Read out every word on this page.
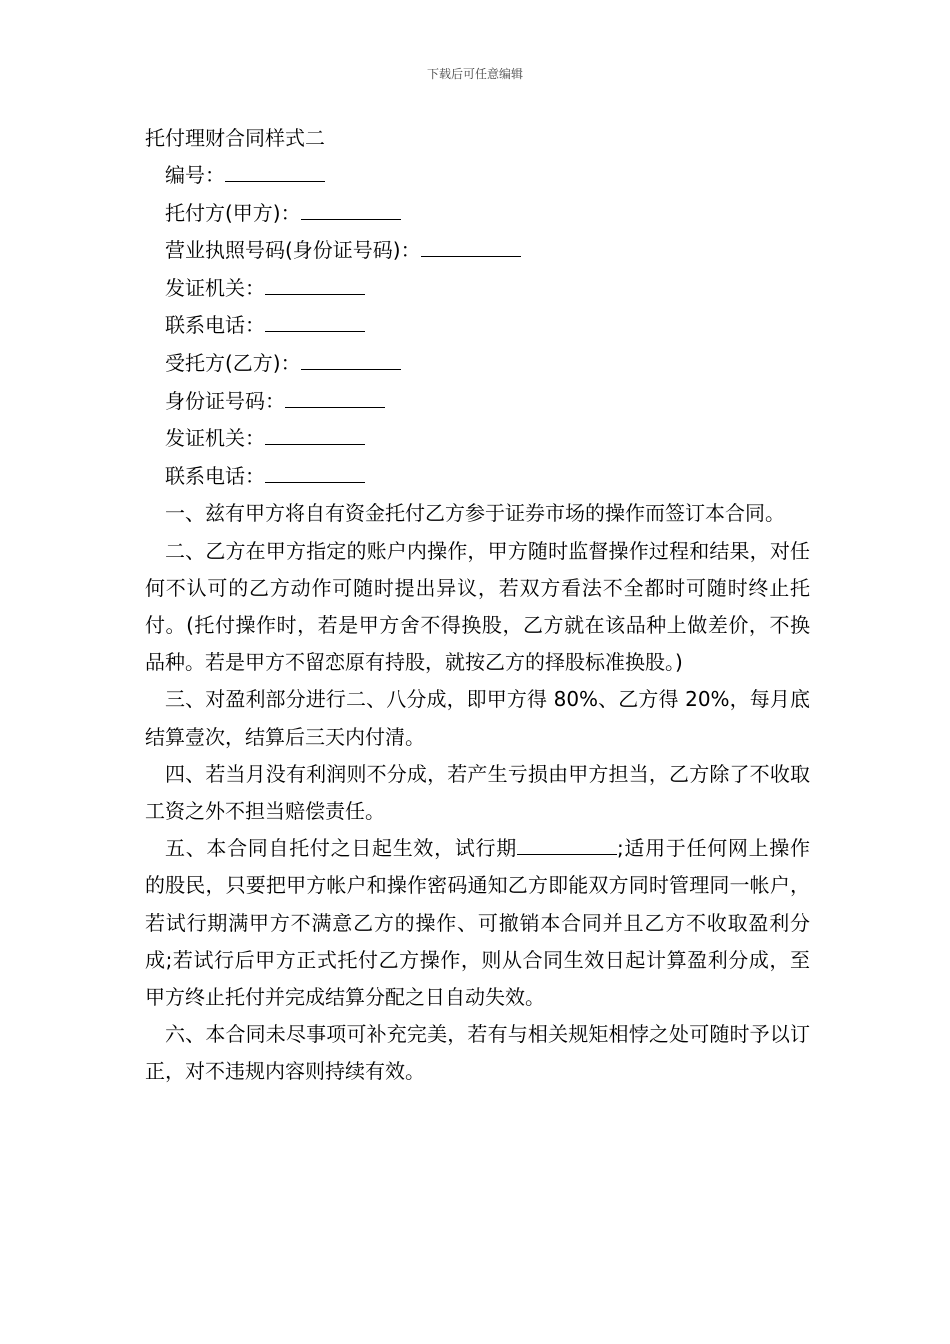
下载后可任意编辑
托付理财合同样式二
编号：
托付方(甲方)：
营业执照号码(身份证号码)：
发证机关：
联系电话：
受托方(乙方)：
身份证号码：
发证机关：
联系电话：

一、兹有甲方将自有资金托付乙方参于证券市场的操作而签订本合同。

二、乙方在甲方指定的账户内操作，甲方随时监督操作过程和结果，对任何不认可的乙方动作可随时提出异议，若双方看法不全都时可随时终止托付。(托付操作时，若是甲方舍不得换股，乙方就在该品种上做差价，不换品种。若是甲方不留恋原有持股，就按乙方的择股标准换股。)

三、对盈利部分进行二、八分成，即甲方得 80%、乙方得 20%，每月底结算壹次，结算后三天内付清。

四、若当月没有利润则不分成，若产生亏损由甲方担当，乙方除了不收取工资之外不担当赔偿责任。

五、本合同自托付之日起生效，试行期	;适用于任何网上操作的股民，只要把甲方帐户和操作密码通知乙方即能双方同时管理同一帐户，若试行期满甲方不满意乙方的操作、可撤销本合同并且乙方不收取盈利分成;若试行后甲方正式托付乙方操作，则从合同生效日起计算盈利分成，至甲方终止托付并完成结算分配之日自动失效。

六、本合同未尽事项可补充完美，若有与相关规矩相悖之处可随时予以订正，对不违规内容则持续有效。
